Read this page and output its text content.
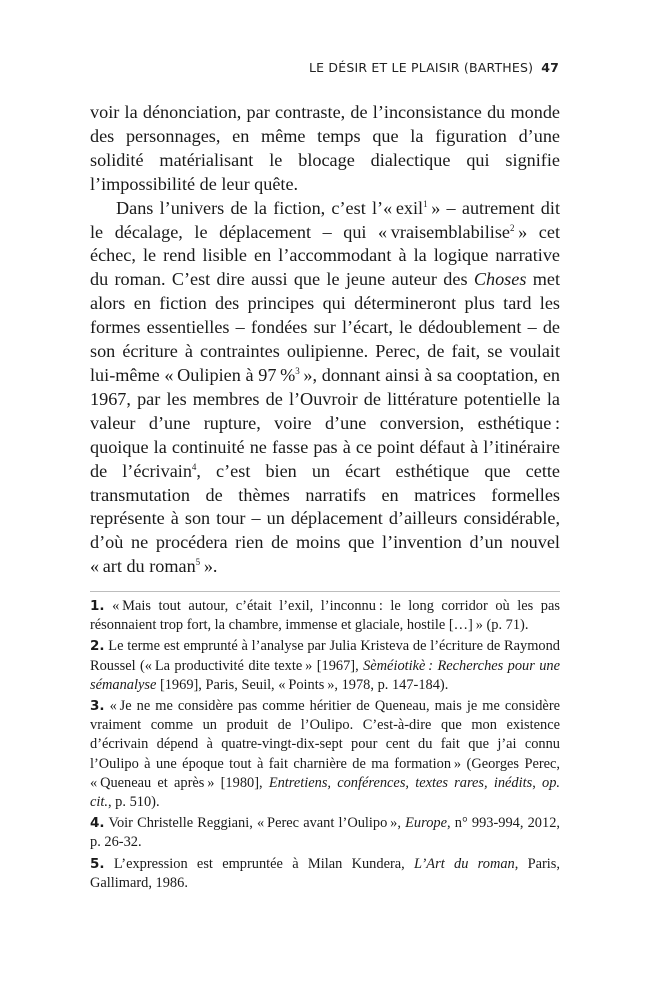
LE DÉSIR ET LE PLAISIR (BARTHES) 47

voir la dénonciation, par contraste, de l’inconsistance du monde des personnages, en même temps que la figuration d’une solidité matérialisant le blocage dialectique qui signifie l’impossibilité de leur quête.

Dans l’univers de la fiction, c’est l’« exil$^1$ » – autrement dit le décalage, le déplacement – qui « vraisemblabilise$^2$ » cet échec, le rend lisible en l’accommodant à la logique narrative du roman. C’est dire aussi que le jeune auteur des Choses met alors en fiction des principes qui détermineront plus tard les formes essentielles – fondées sur l’écart, le dédoublement – de son écriture à contraintes oulipienne. Perec, de fait, se voulait lui-même « Oulipien à 97 %$^3$ », donnant ainsi à sa cooptation, en 1967, par les membres de l’Ouvroir de littérature potentielle la valeur d’une rupture, voire d’une conversion, esthétique : quoique la continuité ne fasse pas à ce point défaut à l’itinéraire de l’écrivain$^4$, c’est bien un écart esthétique que cette transmutation de thèmes narratifs en matrices formelles représente à son tour – un déplacement d’ailleurs considérable, d’où ne procédera rien de moins que l’invention d’un nouvel « art du roman$^5$ ».

1. « Mais tout autour, c’était l’exil, l’inconnu : le long corridor où les pas résonnaient trop fort, la chambre, immense et glaciale, hostile […] » (p. 71).

2. Le terme est emprunté à l’analyse par Julia Kristeva de l’écriture de Raymond Roussel (« La productivité dite texte » [1967], Sèméiotikè : Recherches pour une sémanalyse [1969], Paris, Seuil, « Points », 1978, p. 147-184).

3. « Je ne me considère pas comme héritier de Queneau, mais je me considère vraiment comme un produit de l’Oulipo. C’est-à-dire que mon existence d’écrivain dépend à quatre-vingt-dix-sept pour cent du fait que j’ai connu l’Oulipo à une époque tout à fait charnière de ma formation » (Georges Perec, « Queneau et après » [1980], Entretiens, conférences, textes rares, inédits, op. cit., p. 510).

4. Voir Christelle Reggiani, « Perec avant l’Oulipo », Europe, n° 993-994, 2012, p. 26-32.

5. L’expression est empruntée à Milan Kundera, L’Art du roman, Paris, Gallimard, 1986.
